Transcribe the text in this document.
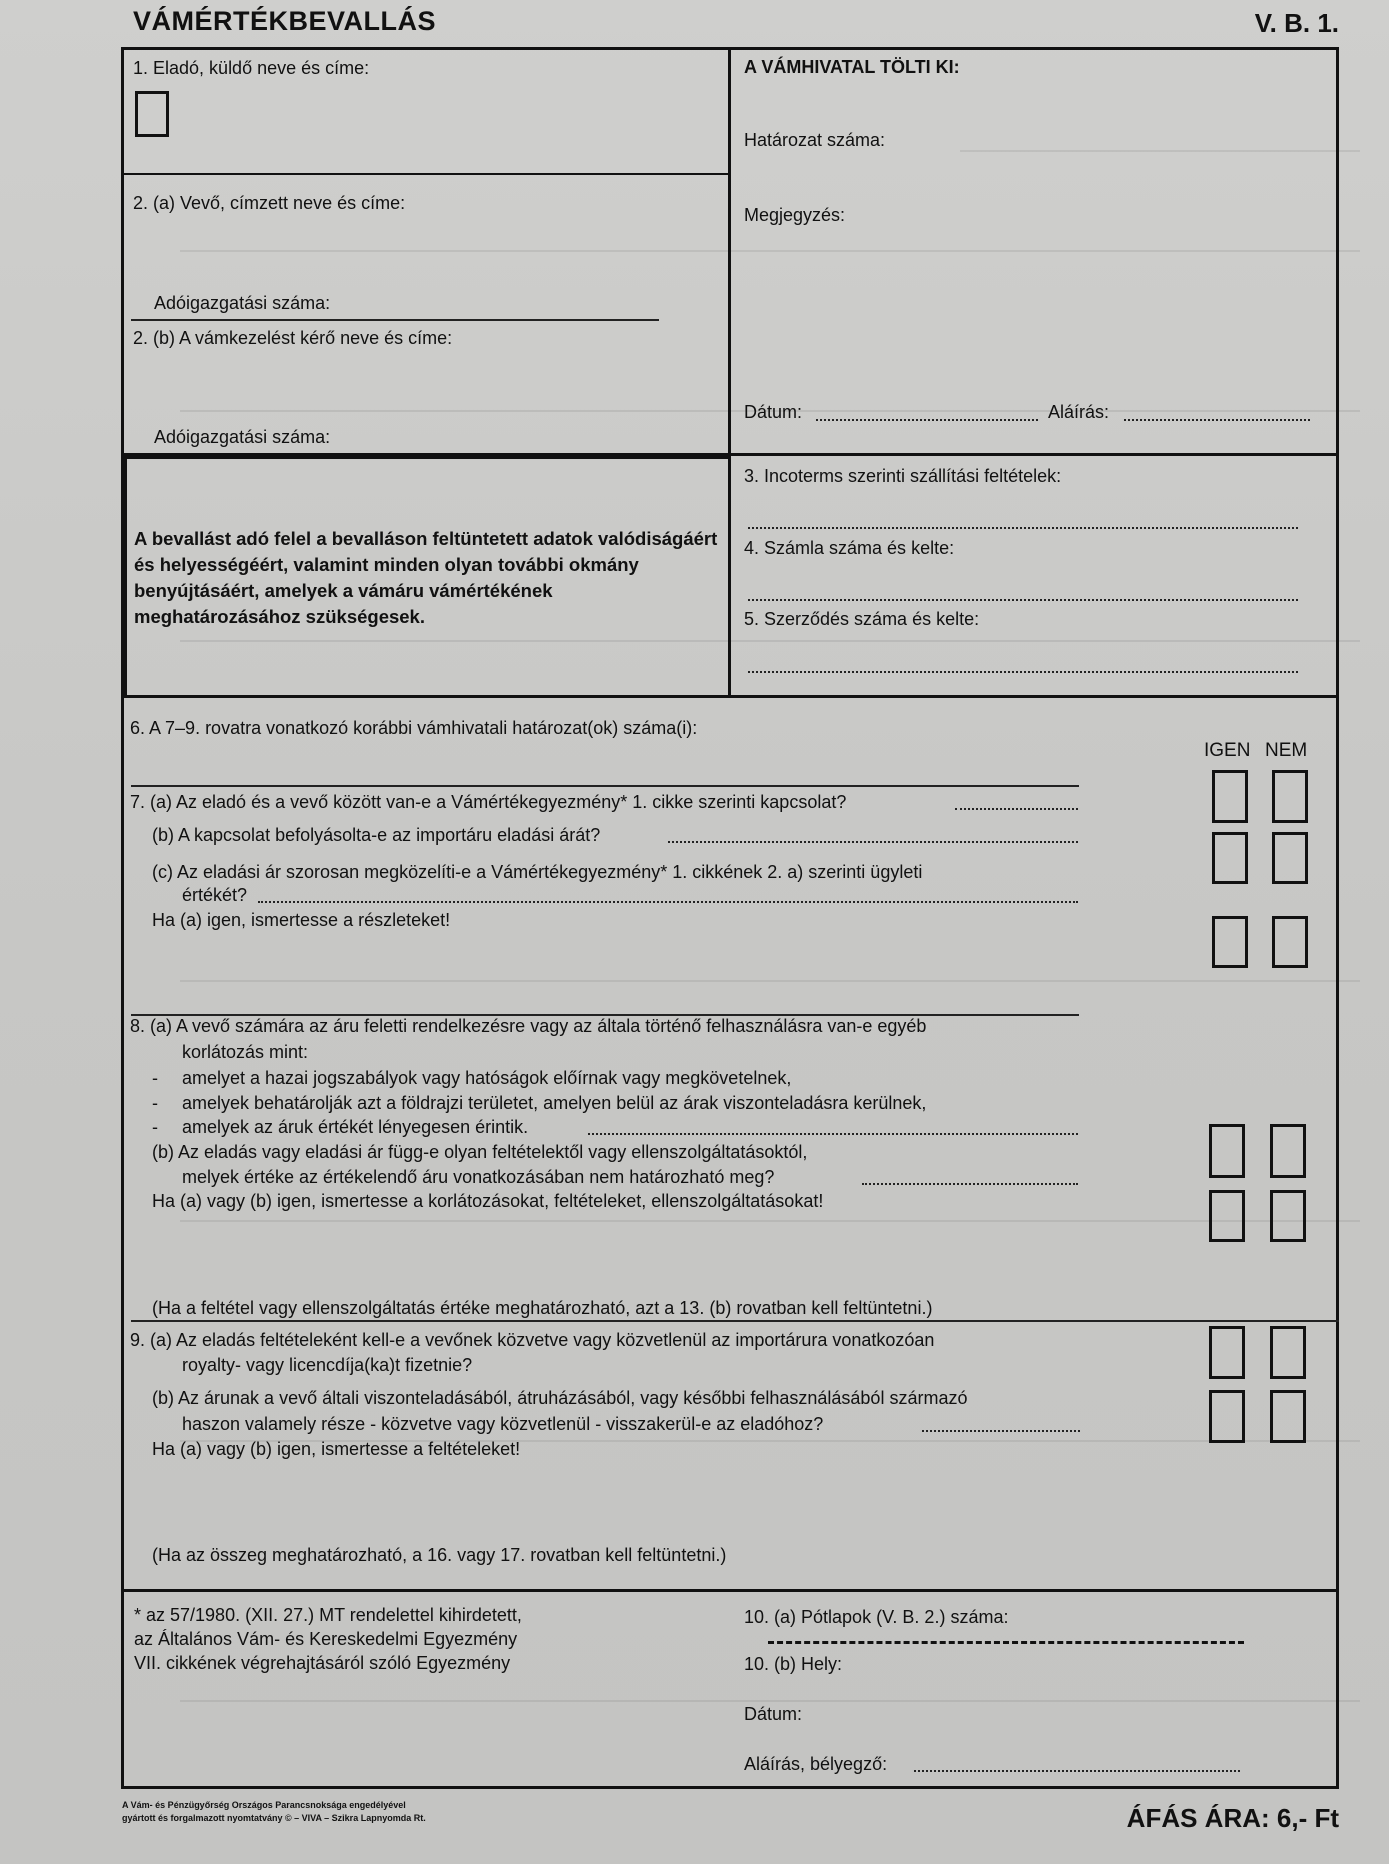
VÁMÉRTÉKBEVALLÁS	V. B. 1.
1. Eladó, küldő neve és címe:	A VÁMHIVATAL TÖLTI KI:
Határozat száma:
Megjegyzés:
Dátum:	Aláírás:
2. (a) Vevő, címzett neve és címe:
Adóigazgatási száma:
2. (b) A vámkezelést kérő neve és címe:
Adóigazgatási száma:
A bevallást adó felel a bevalláson feltüntetett adatok valódiságáért és helyességéért, valamint minden olyan további okmány benyújtásáért, amelyek a vámáru vámértékének meghatározásához szükségesek.
3. Incoterms szerinti szállítási feltételek:
4. Számla száma és kelte:
5. Szerződés száma és kelte:
6. A 7–9. rovatra vonatkozó korábbi vámhivatali határozat(ok) száma(i):
IGEN NEM
7. (a) Az eladó és a vevő között van-e a Vámértékegyezmény* 1. cikke szerinti kapcsolat?
(b) A kapcsolat befolyásolta-e az importáru eladási árát?
(c) Az eladási ár szorosan megközelíti-e a Vámértékegyezmény* 1. cikkének 2. a) szerinti ügyleti
értékét?
Ha (a) igen, ismertesse a részleteket!
8. (a) A vevő számára az áru feletti rendelkezésre vagy az általa történő felhasználásra van-e egyéb
korlátozás mint:
- amelyet a hazai jogszabályok vagy hatóságok előírnak vagy megkövetelnek,
- amelyek behatárolják azt a földrajzi területet, amelyen belül az árak viszonteladásra kerülnek,
- amelyek az áruk értékét lényegesen érintik.
(b) Az eladás vagy eladási ár függ-e olyan feltételektől vagy ellenszolgáltatásoktól,
melyek értéke az értékelendő áru vonatkozásában nem határozható meg?
Ha (a) vagy (b) igen, ismertesse a korlátozásokat, feltételeket, ellenszolgáltatásokat!
(Ha a feltétel vagy ellenszolgáltatás értéke meghatározható, azt a 13. (b) rovatban kell feltüntetni.)
9. (a) Az eladás feltételeként kell-e a vevőnek közvetve vagy közvetlenül az importárura vonatkozóan
royalty- vagy licencdíja(ka)t fizetnie?
(b) Az árunak a vevő általi viszonteladásából, átruházásából, vagy későbbi felhasználásából származó
haszon valamely része - közvetve vagy közvetlenül - visszakerül-e az eladóhoz?
Ha (a) vagy (b) igen, ismertesse a feltételeket!
(Ha az összeg meghatározható, a 16. vagy 17. rovatban kell feltüntetni.)
* az 57/1980. (XII. 27.) MT rendelettel kihirdetett,
az Általános Vám- és Kereskedelmi Egyezmény
VII. cikkének végrehajtásáról szóló Egyezmény
10. (a) Pótlapok (V. B. 2.) száma:
10. (b) Hely:
Dátum:
Aláírás, bélyegző:
A Vám- és Pénzügyőrség Országos Parancsnoksága engedélyével
gyártott és forgalmazott nyomtatvány © – VIVA – Szikra Lapnyomda Rt.	ÁFÁS ÁRA: 6,- Ft
